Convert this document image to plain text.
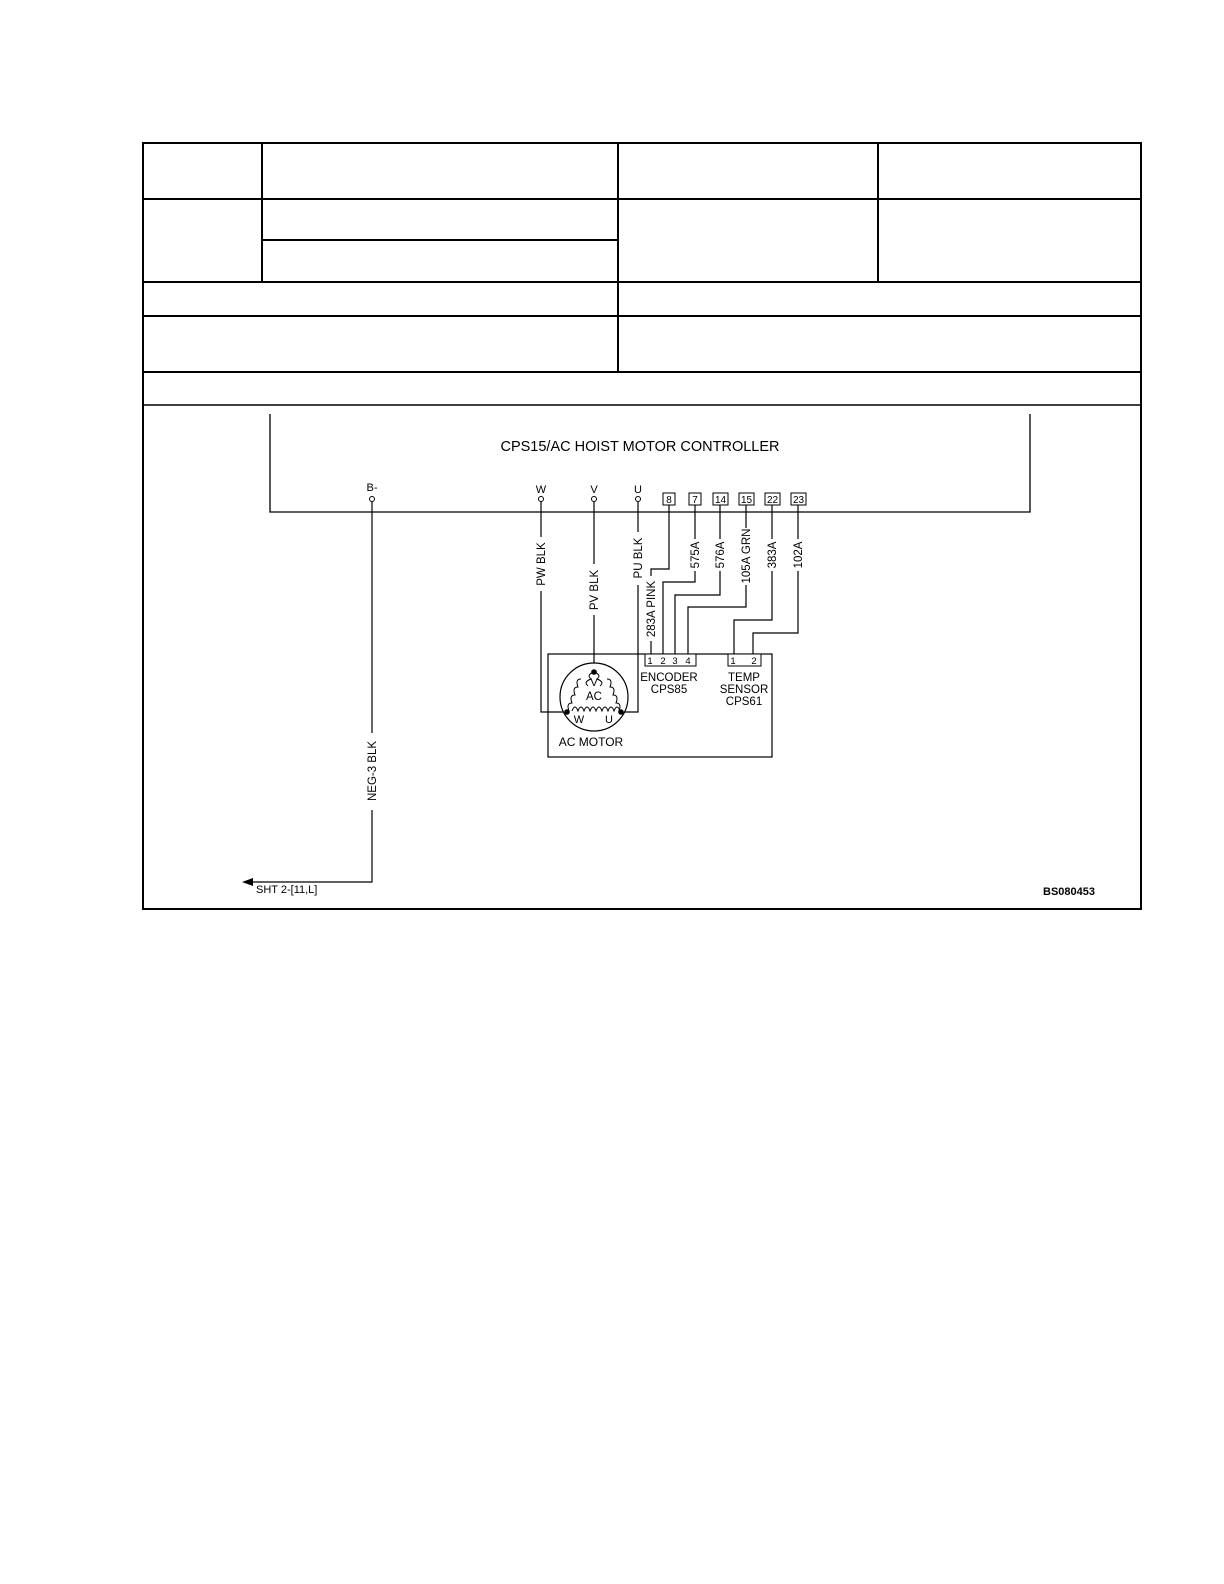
CPS15/AC HOIST MOTOR CONTROLLER
B-	W	V	U
8 7 14 15 22 23
NEG-3 BLK
PW BLK
PV BLK
PU BLK
283A PINK
575A 576A 105A GRN 383A 102A
1 2 3 4
ENCODER
CPS85
1 2
TEMP
SENSOR
CPS61
AC
V
W U
AC MOTOR
SHT 2-[11,L]	BS080453
